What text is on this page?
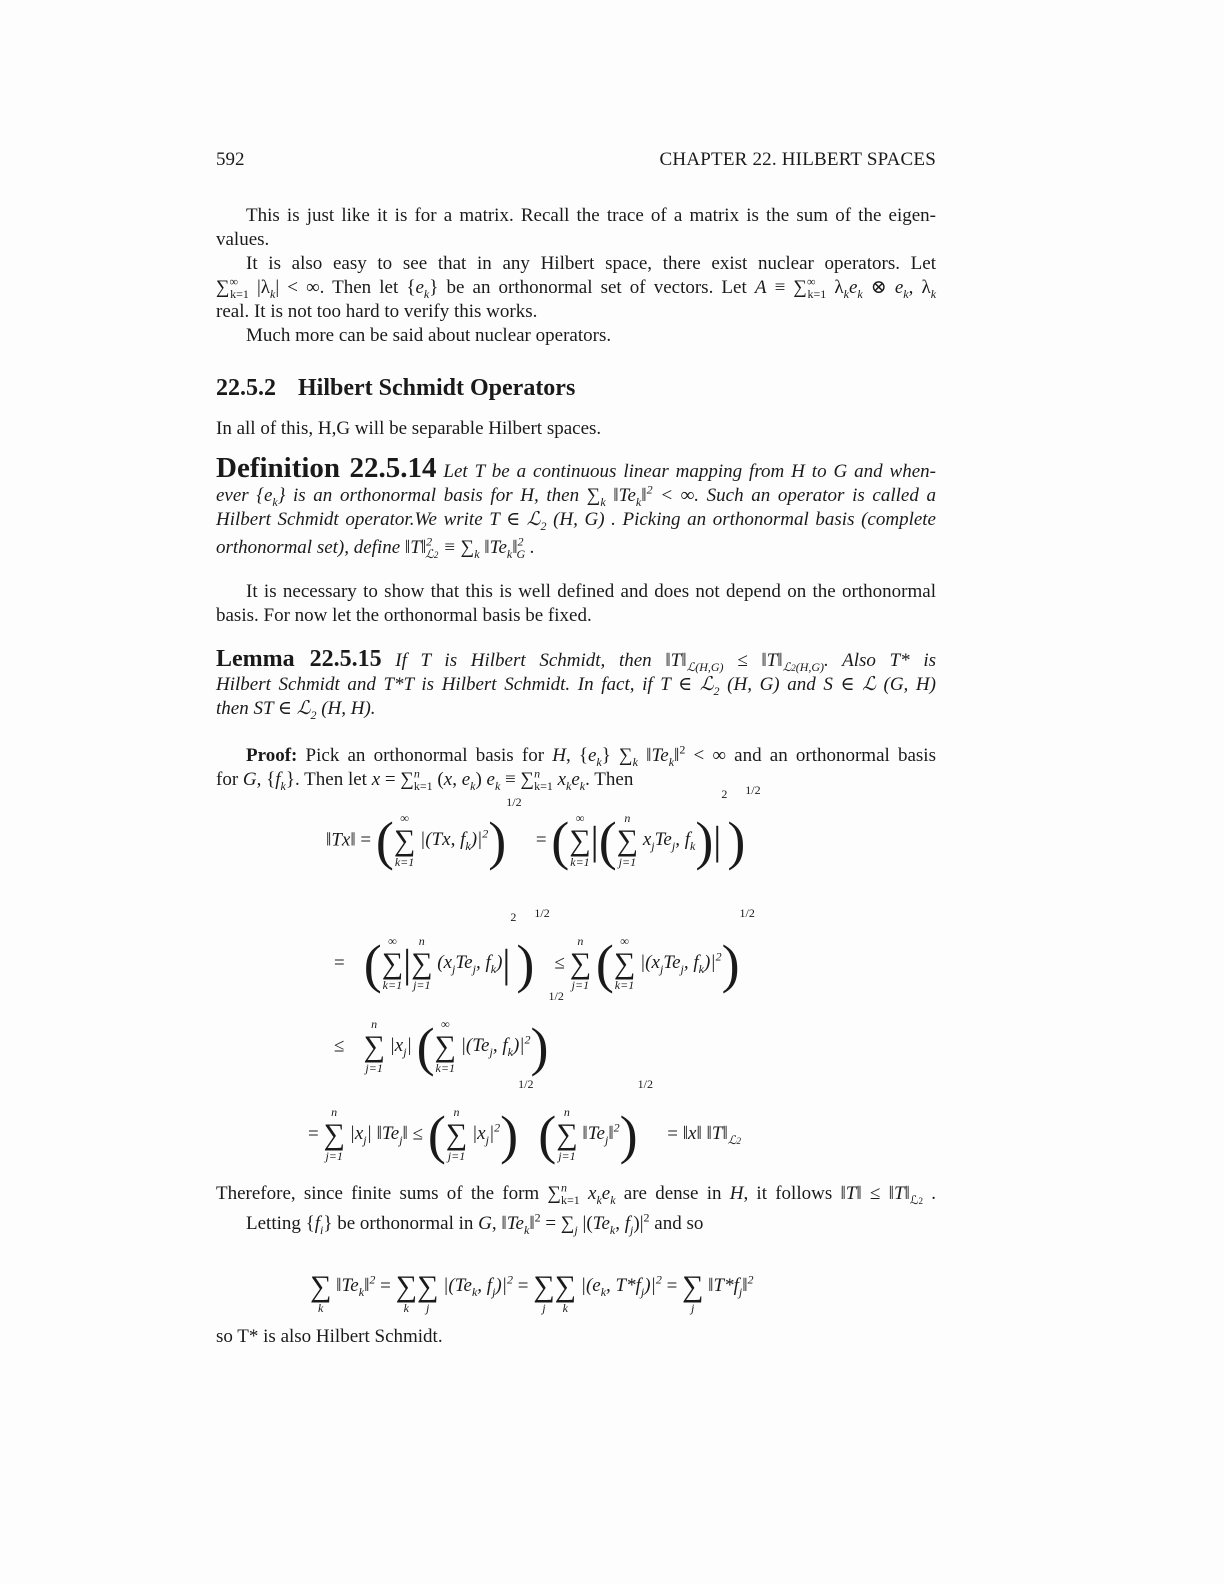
592	CHAPTER 22. HILBERT SPACES

This is just like it is for a matrix. Recall the trace of a matrix is the sum of the eigen-

values.

It is also easy to see that in any Hilbert space, there exist nuclear operators. Let

$\sum^\infty_{k=1}$ $|\lambda_k|$ < ∞. Then let $\{e_k\}$ be an orthonormal set of vectors. Let $A \equiv \sum^\infty_{k=1}$ $\lambda_ke_k$ ⊗ $e_k$, $\lambda_k$

real. It is not too hard to verify this works.

Much more can be said about nuclear operators.

22.5.2 Hilbert Schmidt Operators

In all of this, H,G will be separable Hilbert spaces.

Definition 22.5.14 Let T be a continuous linear mapping from H to G and when-

ever $\{e_k\}$ is an orthonormal basis for H, then $\sum_k$ $‖Te_k‖^2$ < ∞. Such an operator is called a

Hilbert Schmidt operator.We write T ∈ ℒ$_2$ (H, G) . Picking an orthonormal basis (complete

orthonormal set), define ‖T‖$^2_{ℒ2}$ ≡ $\sum_k$ $‖Te_k‖^2_G$ .

It is necessary to show that this is well defined and does not depend on the orthonormal basis. For now let the orthonormal basis be fixed.

Lemma 22.5.15 If T is Hilbert Schmidt, then $‖T‖_{ℒ(H,G)}$ ≤ $‖T‖_{ℒ2(H,G)}$. Also T* is

Hilbert Schmidt and T*T is Hilbert Schmidt. In fact, if T ∈ ℒ$_2$ (H, G) and S ∈ ℒ (G, H)

then ST ∈ ℒ$_2$ (H, H).

Proof: Pick an orthonormal basis for H, $\{e_k\}$ $\sum_k$ $‖Te_k‖^2$ < ∞ and an orthonormal basis

for G, $\{f_k\}$. Then let x = ∑$^n_{k=1}$ (x, $e_k$) $e_k \equiv \sum^n_{k=1}$ $x_ke_k$. Then

‖Tx‖ = ( ∞
∑
k=1
|(Tx, $f_k)|^2)1/2$   = ( ∞
∑
k=1 |( n
∑
j=1
$x_jTe_j$, $f_k)|2)1/2$
= ( ∞
∑
k=1 | n
∑
j=1
($x_jTe_j$, $f_k)|2)1/2$ ≤
n
∑
j=1 ( ∞
∑
k=1
$|(x_jTe_j$, $f_k)|^2)1/2$
≤
n
∑
j=1
$|x_j|$ ( ∞
∑
k=1
$|(Te_j$, $f_k)|^2)1/2$
=
n
∑
j=1
$|x_j|$ $‖Te_j‖$ ≤ ( n
∑
j=1
$|x_j|^2)1/2$ ( n
∑
j=1
$‖Te_j‖^2)1/2$   = ‖x‖ $‖T‖_{ℒ2}$

Therefore, since finite sums of the form ∑$^n_{k=1}$ $x_ke_k$ are dense in H, it follows ‖T‖ ≤ $‖T‖_{ℒ2}$ .

Letting $\{f_i\}$ be orthonormal in G, $‖Te_k‖^2 = \sum_j$ $|(Te_k$, $f_j)|^2$ and so

∑
k
$‖Te_k‖^2$ = ∑
k
∑
j
$|(Te_k$, $f_j)|^2$ = ∑
j
∑
k
$|(e_k$, $T*f_j)|^2$ = ∑
j
$‖T*f_j‖^2$

so T* is also Hilbert Schmidt.
